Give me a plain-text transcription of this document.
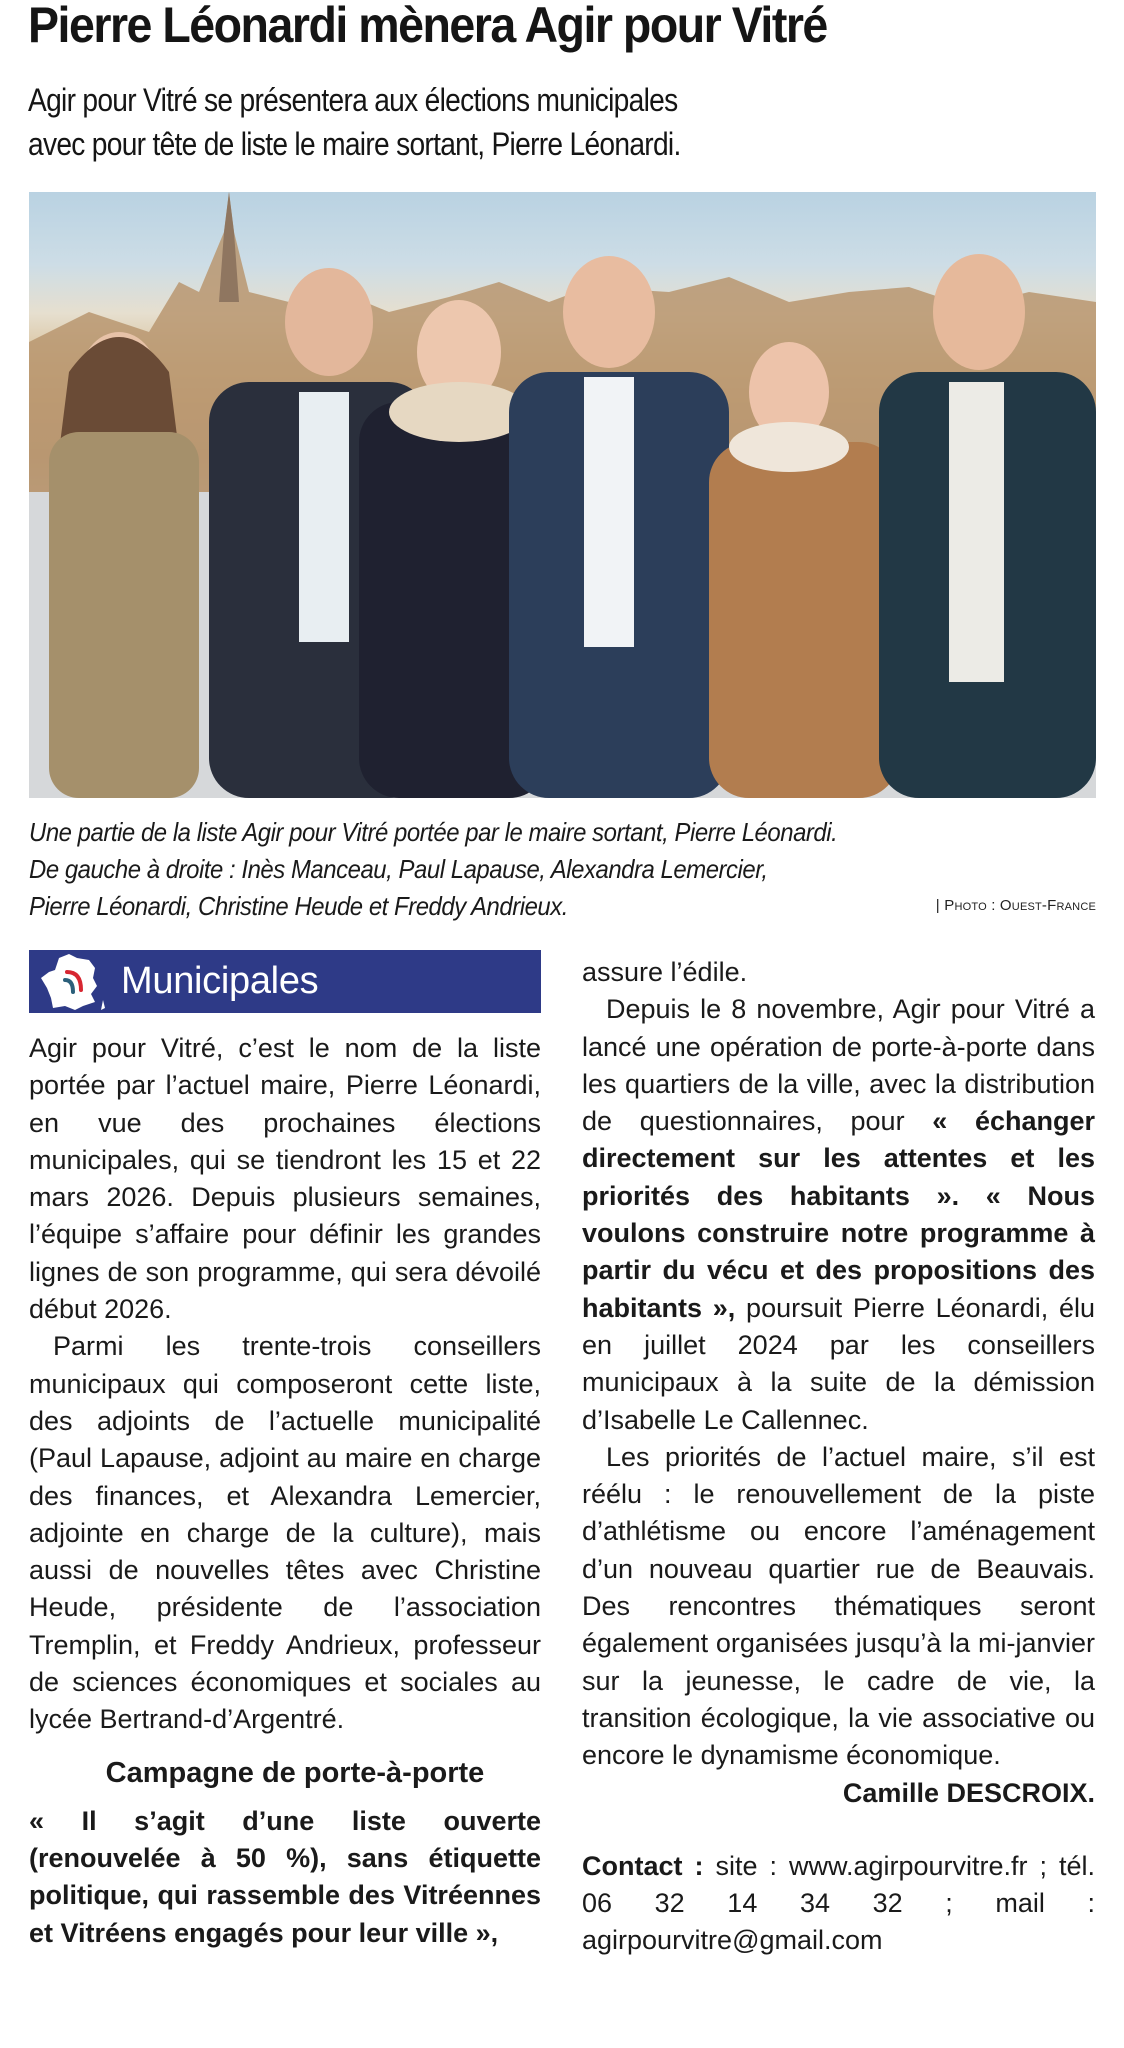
Pierre Léonardi mènera Agir pour Vitré
Agir pour Vitré se présentera aux élections municipales
avec pour tête de liste le maire sortant, Pierre Léonardi.
Une partie de la liste Agir pour Vitré portée par le maire sortant, Pierre Léonardi.
De gauche à droite : Inès Manceau, Paul Lapause, Alexandra Lemercier,
Pierre Léonardi, Christine Heude et Freddy Andrieux.	| Photo : Ouest-France
Municipales

Agir pour Vitré, c’est le nom de la liste portée par l’actuel maire, Pierre Léonardi, en vue des prochaines élections municipales, qui se tiendront les 15 et 22 mars 2026. Depuis plusieurs semaines, l’équipe s’affaire pour définir les grandes lignes de son programme, qui sera dévoilé début 2026.

Parmi les trente-trois conseillers municipaux qui composeront cette liste, des adjoints de l’actuelle municipalité (Paul Lapause, adjoint au maire en charge des finances, et Alexandra Lemercier, adjointe en charge de la culture), mais aussi de nouvelles têtes avec Christine Heude, présidente de l’association Tremplin, et Freddy Andrieux, professeur de sciences économiques et sociales au lycée Bertrand-d’Argentré.

Campagne de porte-à-porte

« Il s’agit d’une liste ouverte (renouvelée à 50 %), sans étiquette politique, qui rassemble des Vitréennes et Vitréens engagés pour leur ville »,

assure l’édile.

Depuis le 8 novembre, Agir pour Vitré a lancé une opération de porte-à-porte dans les quartiers de la ville, avec la distribution de questionnaires, pour « échanger directement sur les attentes et les priorités des habitants ». « Nous voulons construire notre programme à partir du vécu et des propositions des habitants », poursuit Pierre Léonardi, élu en juillet 2024 par les conseillers municipaux à la suite de la démission d’Isabelle Le Callennec.

Les priorités de l’actuel maire, s’il est réélu : le renouvellement de la piste d’athlétisme ou encore l’aménagement d’un nouveau quartier rue de Beauvais. Des rencontres thématiques seront également organisées jusqu’à la mi-janvier sur la jeunesse, le cadre de vie, la transition écologique, la vie associative ou encore le dynamisme économique.

Camille DESCROIX.

Contact : site : www.agirpourvitre.fr ; tél. 06 32 14 34 32 ; mail : agirpourvitre@gmail.com
